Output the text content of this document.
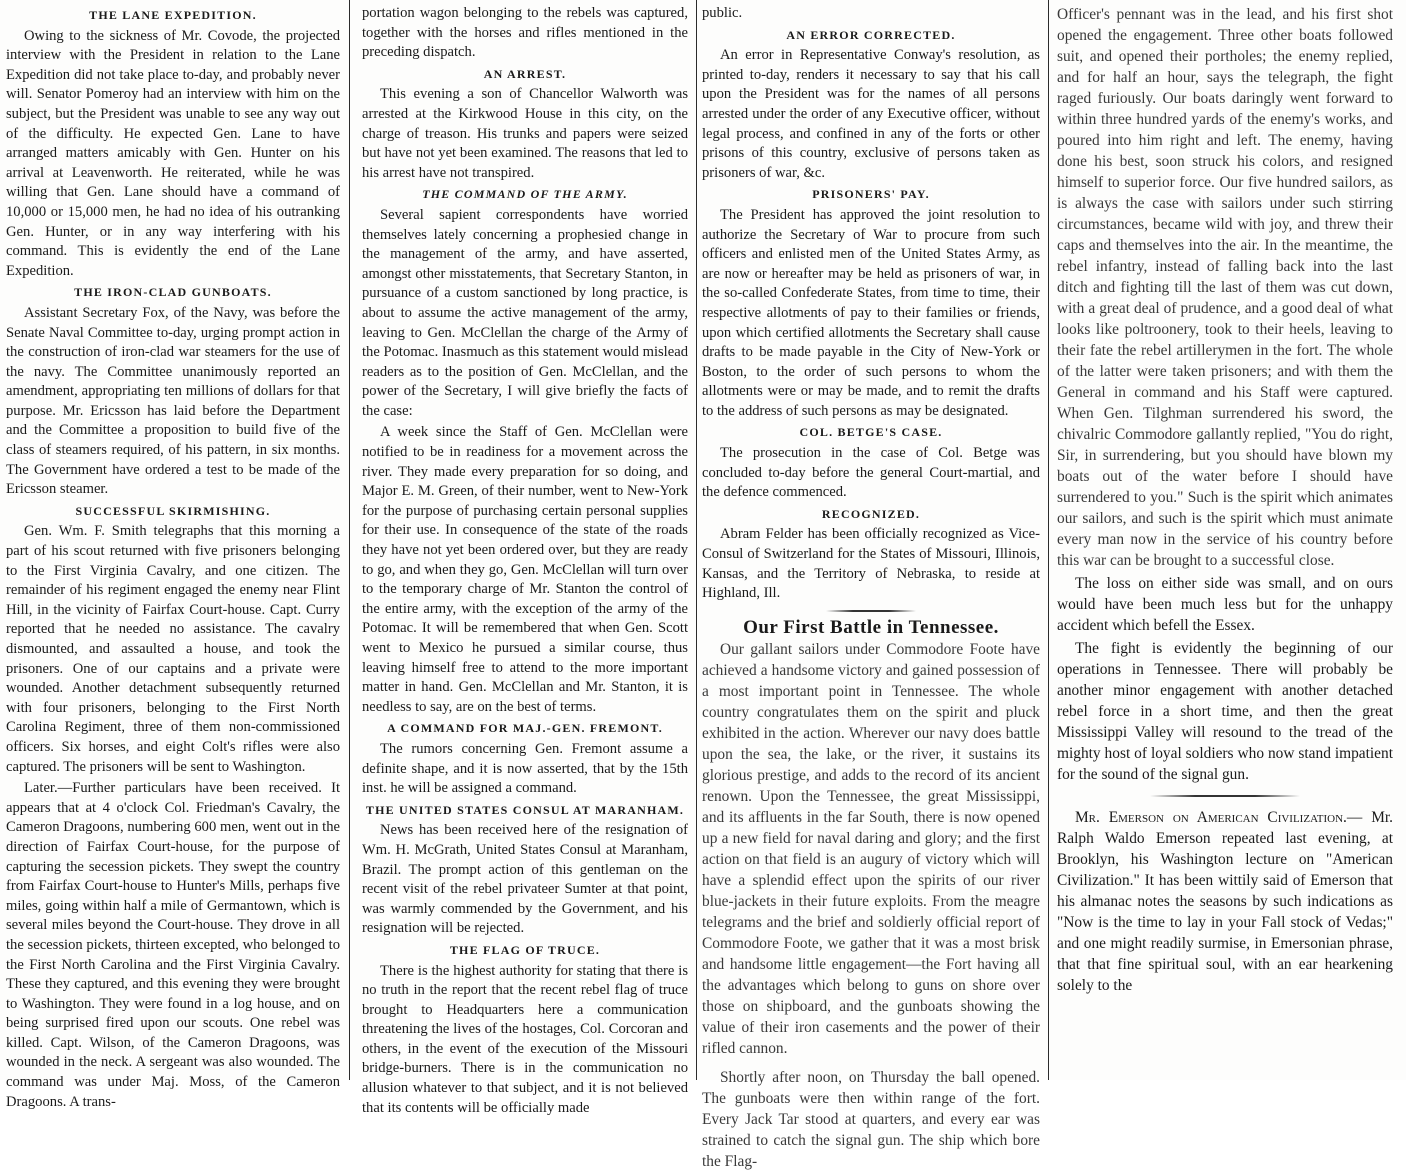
THE LANE EXPEDITION.

Owing to the sickness of Mr. Covode, the projected interview with the President in relation to the Lane Expedition did not take place to-day, and probably never will. Senator Pomeroy had an interview with him on the subject, but the President was unable to see any way out of the difficulty. He expected Gen. Lane to have arranged matters amicably with Gen. Hunter on his arrival at Leavenworth. He reiterated, while he was willing that Gen. Lane should have a command of 10,000 or 15,000 men, he had no idea of his outranking Gen. Hunter, or in any way interfering with his command. This is evidently the end of the Lane Expedition.

THE IRON-CLAD GUNBOATS.

Assistant Secretary Fox, of the Navy, was before the Senate Naval Committee to-day, urging prompt action in the construction of iron-clad war steamers for the use of the navy. The Committee unanimously reported an amendment, appropriating ten millions of dollars for that purpose. Mr. Ericsson has laid before the Department and the Committee a proposition to build five of the class of steamers required, of his pattern, in six months. The Government have ordered a test to be made of the Ericsson steamer.

SUCCESSFUL SKIRMISHING.

Gen. Wm. F. Smith telegraphs that this morning a part of his scout returned with five prisoners belonging to the First Virginia Cavalry, and one citizen. The remainder of his regiment engaged the enemy near Flint Hill, in the vicinity of Fairfax Court-house. Capt. Curry reported that he needed no assistance. The cavalry dismounted, and assaulted a house, and took the prisoners. One of our captains and a private were wounded. Another detachment subsequently returned with four prisoners, belonging to the First North Carolina Regiment, three of them non-commissioned officers. Six horses, and eight Colt's rifles were also captured. The prisoners will be sent to Washington.

Later.—Further particulars have been received. It appears that at 4 o'clock Col. Friedman's Cavalry, the Cameron Dragoons, numbering 600 men, went out in the direction of Fairfax Court-house, for the purpose of capturing the secession pickets. They swept the country from Fairfax Court-house to Hunter's Mills, perhaps five miles, going within half a mile of Germantown, which is several miles beyond the Court-house. They drove in all the secession pickets, thirteen excepted, who belonged to the First North Carolina and the First Virginia Cavalry. These they captured, and this evening they were brought to Washington. They were found in a log house, and on being surprised fired upon our scouts. One rebel was killed. Capt. Wilson, of the Cameron Dragoons, was wounded in the neck. A sergeant was also wounded. The command was under Maj. Moss, of the Cameron Dragoons. A trans-

portation wagon belonging to the rebels was captured, together with the horses and rifles mentioned in the preceding dispatch.

AN ARREST.

This evening a son of Chancellor Walworth was arrested at the Kirkwood House in this city, on the charge of treason. His trunks and papers were seized but have not yet been examined. The reasons that led to his arrest have not transpired.

THE COMMAND OF THE ARMY.

Several sapient correspondents have worried themselves lately concerning a prophesied change in the management of the army, and have asserted, amongst other misstatements, that Secretary Stanton, in pursuance of a custom sanctioned by long practice, is about to assume the active management of the army, leaving to Gen. McClellan the charge of the Army of the Potomac. Inasmuch as this statement would mislead readers as to the position of Gen. McClellan, and the power of the Secretary, I will give briefly the facts of the case:

A week since the Staff of Gen. McClellan were notified to be in readiness for a movement across the river. They made every preparation for so doing, and Major E. M. Green, of their number, went to New-York for the purpose of purchasing certain personal supplies for their use. In consequence of the state of the roads they have not yet been ordered over, but they are ready to go, and when they go, Gen. McClellan will turn over to the temporary charge of Mr. Stanton the control of the entire army, with the exception of the army of the Potomac. It will be remembered that when Gen. Scott went to Mexico he pursued a similar course, thus leaving himself free to attend to the more important matter in hand. Gen. McClellan and Mr. Stanton, it is needless to say, are on the best of terms.

A COMMAND FOR MAJ.-GEN. FREMONT.

The rumors concerning Gen. Fremont assume a definite shape, and it is now asserted, that by the 15th inst. he will be assigned a command.

THE UNITED STATES CONSUL AT MARANHAM.

News has been received here of the resignation of Wm. H. McGrath, United States Consul at Maranham, Brazil. The prompt action of this gentleman on the recent visit of the rebel privateer Sumter at that point, was warmly commended by the Government, and his resignation will be rejected.

THE FLAG OF TRUCE.

There is the highest authority for stating that there is no truth in the report that the recent rebel flag of truce brought to Headquarters here a communication threatening the lives of the hostages, Col. Corcoran and others, in the event of the execution of the Missouri bridge-burners. There is in the communication no allusion whatever to that subject, and it is not believed that its contents will be officially made

public.

AN ERROR CORRECTED.

An error in Representative Conway's resolution, as printed to-day, renders it necessary to say that his call upon the President was for the names of all persons arrested under the order of any Executive officer, without legal process, and confined in any of the forts or other prisons of this country, exclusive of persons taken as prisoners of war, &c.

PRISONERS' PAY.

The President has approved the joint resolution to authorize the Secretary of War to procure from such officers and enlisted men of the United States Army, as are now or hereafter may be held as prisoners of war, in the so-called Confederate States, from time to time, their respective allotments of pay to their families or friends, upon which certified allotments the Secretary shall cause drafts to be made payable in the City of New-York or Boston, to the order of such persons to whom the allotments were or may be made, and to remit the drafts to the address of such persons as may be designated.

COL. BETGE'S CASE.

The prosecution in the case of Col. Betge was concluded to-day before the general Court-martial, and the defence commenced.

RECOGNIZED.

Abram Felder has been officially recognized as Vice-Consul of Switzerland for the States of Missouri, Illinois, Kansas, and the Territory of Nebraska, to reside at Highland, Ill.

Our First Battle in Tennessee.

Our gallant sailors under Commodore Foote have achieved a handsome victory and gained possession of a most important point in Tennessee. The whole country congratulates them on the spirit and pluck exhibited in the action. Wherever our navy does battle upon the sea, the lake, or the river, it sustains its glorious prestige, and adds to the record of its ancient renown. Upon the Tennessee, the great Mississippi, and its affluents in the far South, there is now opened up a new field for naval daring and glory; and the first action on that field is an augury of victory which will have a splendid effect upon the spirits of our river blue-jackets in their future exploits. From the meagre telegrams and the brief and soldierly official report of Commodore Foote, we gather that it was a most brisk and handsome little engagement—the Fort having all the advantages which belong to guns on shore over those on shipboard, and the gunboats showing the value of their iron casements and the power of their rifled cannon.

Shortly after noon, on Thursday the ball opened. The gunboats were then within range of the fort. Every Jack Tar stood at quarters, and every ear was strained to catch the signal gun. The ship which bore the Flag-

Officer's pennant was in the lead, and his first shot opened the engagement. Three other boats followed suit, and opened their portholes; the enemy replied, and for half an hour, says the telegraph, the fight raged furiously. Our boats daringly went forward to within three hundred yards of the enemy's works, and poured into him right and left. The enemy, having done his best, soon struck his colors, and resigned himself to superior force. Our five hundred sailors, as is always the case with sailors under such stirring circumstances, became wild with joy, and threw their caps and themselves into the air. In the meantime, the rebel infantry, instead of falling back into the last ditch and fighting till the last of them was cut down, with a great deal of prudence, and a good deal of what looks like poltroonery, took to their heels, leaving to their fate the rebel artillerymen in the fort. The whole of the latter were taken prisoners; and with them the General in command and his Staff were captured. When Gen. Tilghman surrendered his sword, the chivalric Commodore gallantly replied, "You do right, Sir, in surrendering, but you should have blown my boats out of the water before I should have surrendered to you." Such is the spirit which animates our sailors, and such is the spirit which must animate every man now in the service of his country before this war can be brought to a successful close.

The loss on either side was small, and on ours would have been much less but for the unhappy accident which befell the Essex.

The fight is evidently the beginning of our operations in Tennessee. There will probably be another minor engagement with another detached rebel force in a short time, and then the great Mississippi Valley will resound to the tread of the mighty host of loyal soldiers who now stand impatient for the sound of the signal gun.

Mr. Emerson on American Civilization.— Mr. Ralph Waldo Emerson repeated last evening, at Brooklyn, his Washington lecture on "American Civilization." It has been wittily said of Emerson that his almanac notes the seasons by such indications as "Now is the time to lay in your Fall stock of Vedas;" and one might readily surmise, in Emersonian phrase, that that fine spiritual soul, with an ear hearkening solely to the
